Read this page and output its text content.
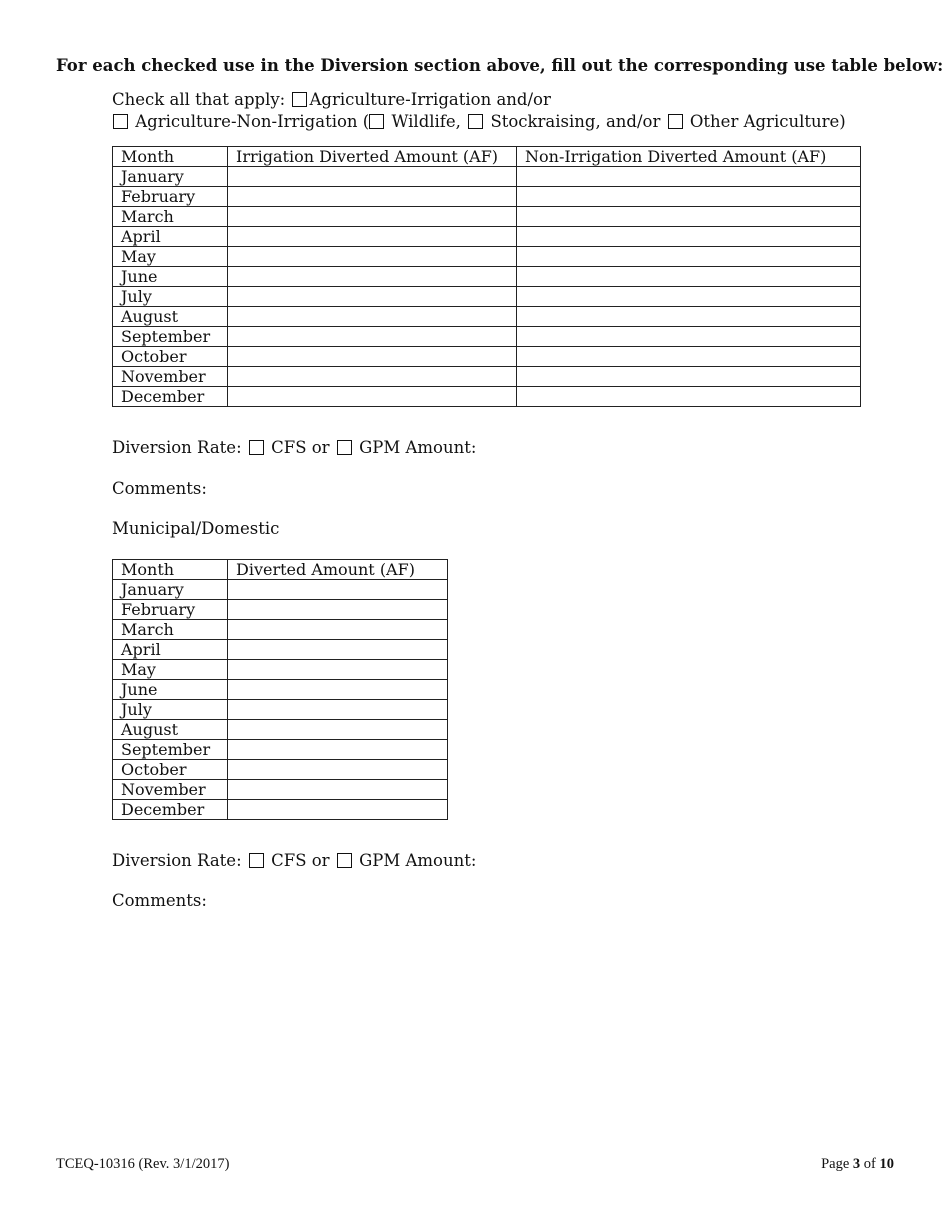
For each checked use in the Diversion section above, fill out the corresponding use table below:
Check all that apply: Agriculture-Irrigation and/or
Agriculture-Non-Irrigation ( Wildlife, Stockraising, and/or Other Agriculture)
Month	Irrigation Diverted Amount (AF)	Non-Irrigation Diverted Amount (AF)
January		
February		
March		
April		
May		
June		
July		
August		
September		
October		
November		
December		
Diversion Rate: CFS or GPM Amount:
Comments:
Municipal/Domestic
Month	Diverted Amount (AF)
January	
February	
March	
April	
May	
June	
July	
August	
September	
October	
November	
December	
Diversion Rate: CFS or GPM Amount:
Comments:
TCEQ-10316 (Rev. 3/1/2017)	Page 3 of 10
